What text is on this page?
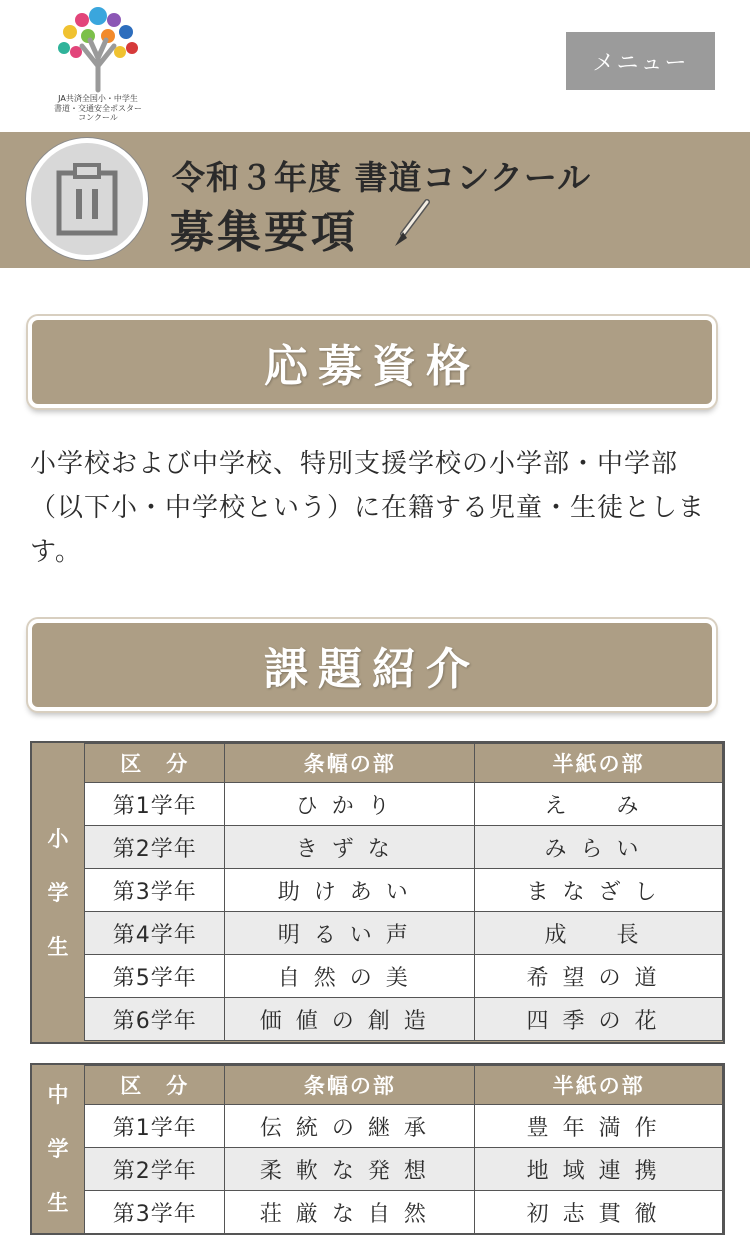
JA共済全国小・中学生
書道・交通安全ポスター
コンクール
メニュー
令和３年度 書道コンクール
募集要項
応募資格
小学校および中学校、特別支援学校の小学部・中学部（以下小・中学校という）に在籍する児童・生徒とします。
課題紹介
小
学
生
区　分	条幅の部	半紙の部
第1学年	ひかり	え　み
第2学年	きずな	みらい
第3学年	助けあい	まなざし
第4学年	明るい声	成　長
第5学年	自然の美	希望の道
第6学年	価値の創造	四季の花
中
学
生
区　分	条幅の部	半紙の部
第1学年	伝統の継承	豊年満作
第2学年	柔軟な発想	地域連携
第3学年	荘厳な自然	初志貫徹
